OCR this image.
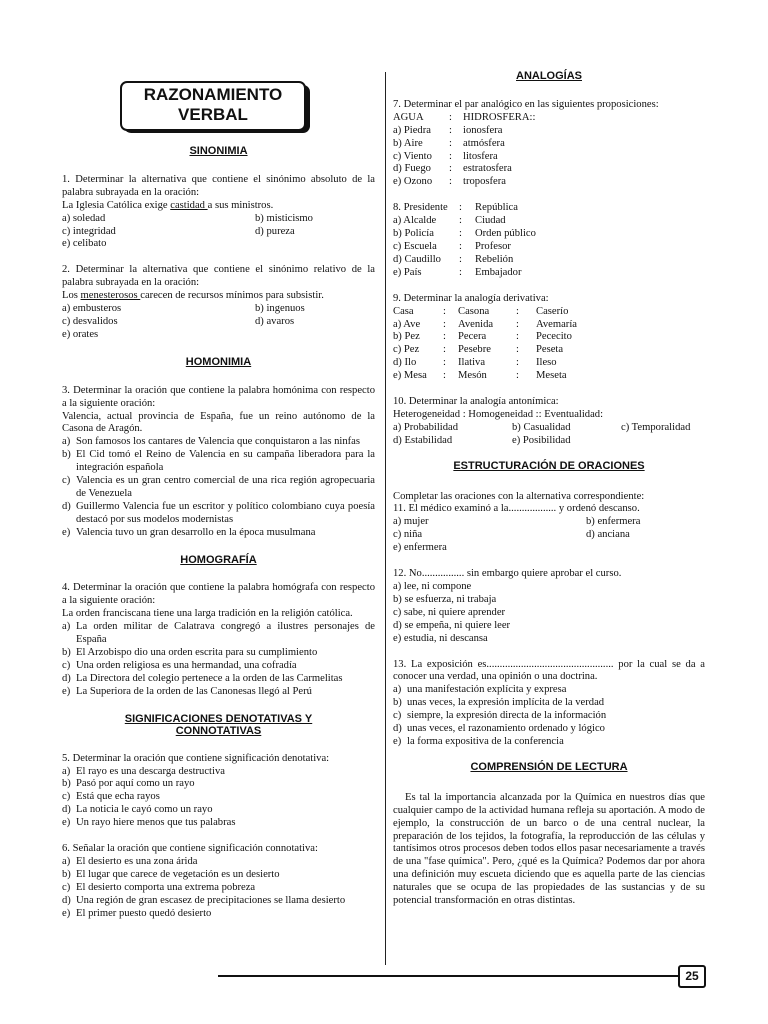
RAZONAMIENTO
VERBAL
SINONIMIA

1. Determinar la alternativa que contiene el sinónimo absoluto de la palabra subrayada en la oración:

La Iglesia Católica exige castidad a sus ministros.

a) soledad	b) misticismo
c) integridad	d) pureza
e) celibato

2. Determinar la alternativa que contiene el sinónimo relativo de la palabra subrayada en la oración:

Los menesterosos carecen de recursos mínimos para subsistir.

a) embusteros	b) ingenuos
c) desvalidos	d) avaros
e) orates
HOMONIMIA

3. Determinar la oración que contiene la palabra homónima con respecto a la siguiente oración:

Valencia, actual provincia de España, fue un reino autónomo de la Casona de Aragón.

a) Son famosos los cantares de Valencia que conquistaron a las ninfas
b) El Cid tomó el Reino de Valencia en su campaña liberadora para la integración española
c) Valencia es un gran centro comercial de una rica región agropecuaria de Venezuela
d) Guillermo Valencia fue un escritor y político colombiano cuya poesía destacó por sus modelos modernistas
e) Valencia tuvo un gran desarrollo en la época musulmana
HOMOGRAFÍA

4. Determinar la oración que contiene la palabra homógrafa con respecto a la siguiente oración:

La orden franciscana tiene una larga tradición en la religión católica.

a) La orden militar de Calatrava congregó a ilustres personajes de España
b) El Arzobispo dio una orden escrita para su cumplimiento
c) Una orden religiosa es una hermandad, una cofradía
d) La Directora del colegio pertenece a la orden de las Carmelitas
e) La Superiora de la orden de las Canonesas llegó al Perú
SIGNIFICACIONES DENOTATIVAS Y
CONNOTATIVAS

5. Determinar la oración que contiene significación denotativa:

a) El rayo es una descarga destructiva
b) Pasó por aquí como un rayo
c) Está que echa rayos
d) La noticia le cayó como un rayo
e) Un rayo hiere menos que tus palabras

6. Señalar la oración que contiene significación connotativa:

a) El desierto es una zona árida
b) El lugar que carece de vegetación es un desierto
c) El desierto comporta una extrema pobreza
d) Una región de gran escasez de precipitaciones se llama desierto
e) El primer puesto quedó desierto
ANALOGÍAS

7. Determinar el par analógico en las siguientes proposiciones:

AGUA	:	HIDROSFERA::
a) Piedra	:	ionosfera
b) Aire	:	atmósfera
c) Viento	:	litosfera
d) Fuego	:	estratosfera
e) Ozono	:	troposfera
8. Presidente	:	República
a) Alcalde	:	Ciudad
b) Policía	:	Orden público
c) Escuela	:	Profesor
d) Caudillo	:	Rebelión
e) País	:	Embajador

9. Determinar la analogía derivativa:

Casa	:	Casona	:	Caserío
a) Ave	:	Avenida	:	Avemaría
b) Pez	:	Pecera	:	Pececito
c) Pez	:	Pesebre	:	Peseta
d) Ilo	:	Ilativa	:	Ileso
e) Mesa	:	Mesón	:	Meseta

10. Determinar la analogía antonímica:

Heterogeneidad : Homogeneidad :: Eventualidad:

a) Probabilidad	b) Casualidad	c) Temporalidad
d) Estabilidad	e) Posibilidad
ESTRUCTURACIÓN DE ORACIONES

Completar las oraciones con la alternativa correspondiente:

11. El médico examinó a la.................. y ordenó descanso.

a) mujer	b) enfermera
c) niña	d) anciana
e) enfermera

12. No................ sin embargo quiere aprobar el curso.

a) lee, ni compone

b) se esfuerza, ni trabaja

c) sabe, ni quiere aprender

d) se empeña, ni quiere leer

e) estudia, ni descansa

13. La exposición es................................................ por la cual se da a conocer una verdad, una opinión o una doctrina.

a) una manifestación explícita y expresa
b) unas veces, la expresión implícita de la verdad
c) siempre, la expresión directa de la información
d) unas veces, el razonamiento ordenado y lógico
e) la forma expositiva de la conferencia
COMPRENSIÓN DE LECTURA

Es tal la importancia alcanzada por la Química en nuestros días que cualquier campo de la actividad humana refleja su aportación. A modo de ejemplo, la construcción de un barco o de una central nuclear, la preparación de los tejidos, la fotografía, la reproducción de las células y tantísimos otros procesos deben todos ellos pasar necesariamente a través de una "fase química". Pero, ¿qué es la Química? Podemos dar por ahora una definición muy escueta diciendo que es aquella parte de las ciencias naturales que se ocupa de las propiedades de las sustancias y de su potencial transformación en otras distintas.

25
